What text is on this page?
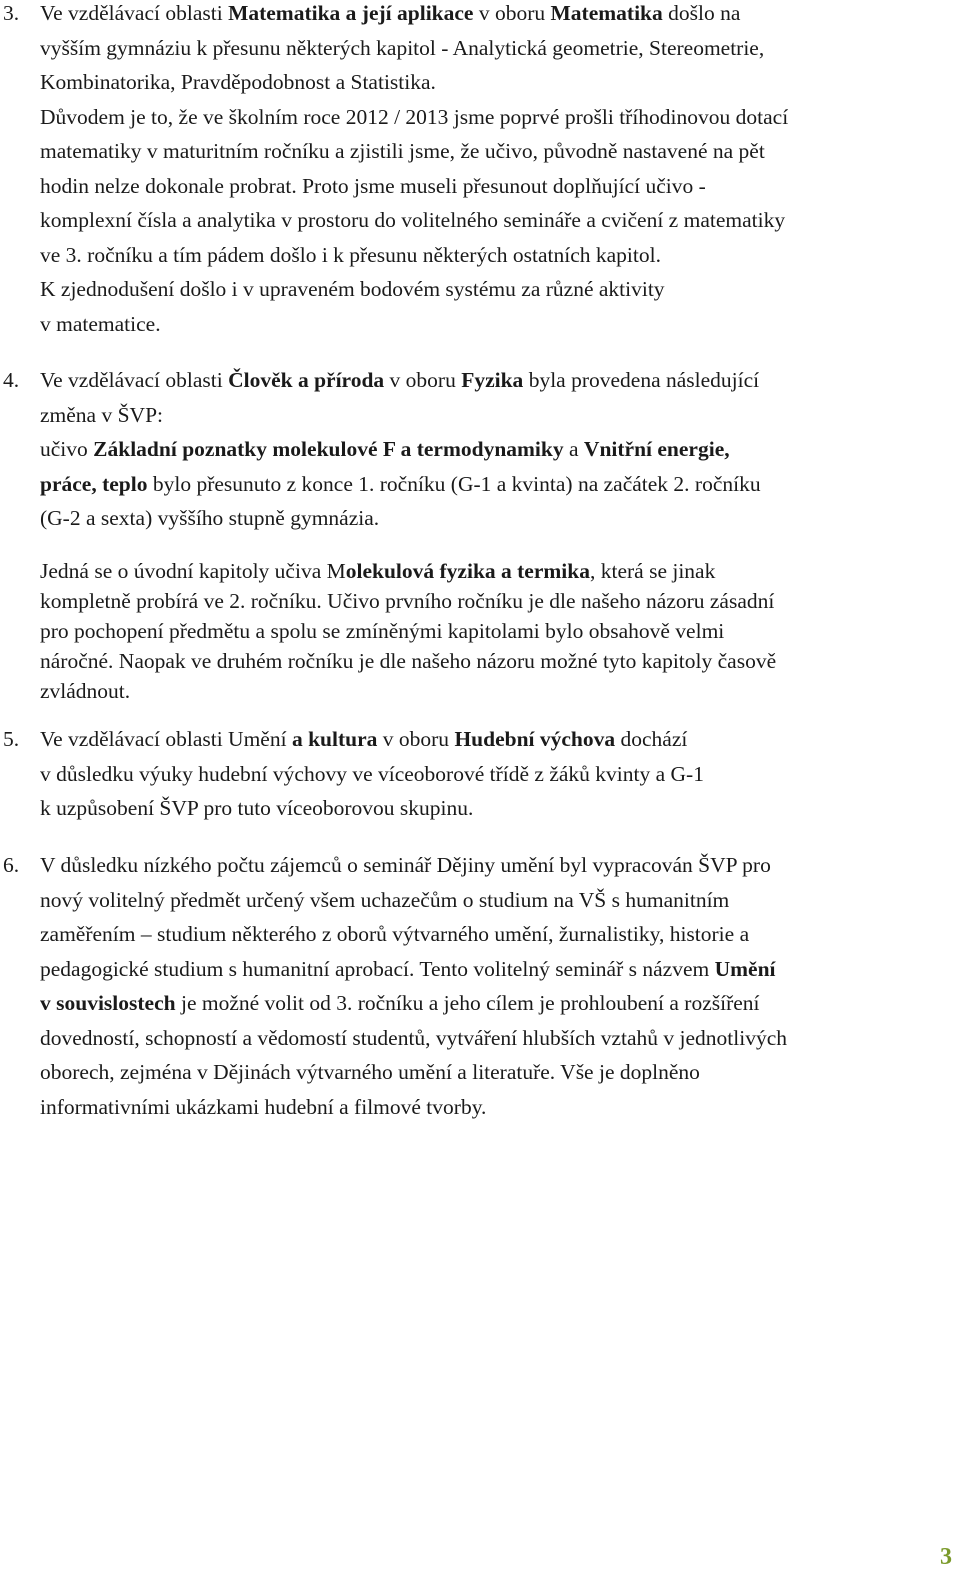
3. Ve vzdělávací oblasti Matematika a její aplikace v oboru Matematika došlo na
vyšším gymnáziu k přesunu některých kapitol - Analytická geometrie, Stereometrie,
Kombinatorika, Pravděpodobnost a Statistika.
Důvodem je to, že ve školním roce 2012 / 2013 jsme poprvé prošli tříhodinovou dotací
matematiky v maturitním ročníku a zjistili jsme, že učivo, původně nastavené na pět
hodin nelze dokonale probrat. Proto jsme museli přesunout doplňující učivo -
komplexní čísla a analytika v prostoru do volitelného semináře a cvičení z matematiky
ve 3. ročníku a tím pádem došlo i k přesunu některých ostatních kapitol.
K zjednodušení došlo i v upraveném bodovém systému za různé aktivity
v matematice.

4. Ve vzdělávací oblasti Člověk a příroda v oboru Fyzika byla provedena následující
změna v ŠVP:
učivo Základní poznatky molekulové F a termodynamiky a Vnitřní energie,
práce, teplo bylo přesunuto z konce 1. ročníku (G-1 a kvinta) na začátek 2. ročníku
(G-2 a sexta) vyššího stupně gymnázia.

Jedná se o úvodní kapitoly učiva Molekulová fyzika a termika, která se jinak
kompletně probírá ve 2. ročníku. Učivo prvního ročníku je dle našeho názoru zásadní
pro pochopení předmětu a spolu se zmíněnými kapitolami bylo obsahově velmi
náročné. Naopak ve druhém ročníku je dle našeho názoru možné tyto kapitoly časově
zvládnout.

5. Ve vzdělávací oblasti Umění a kultura v oboru Hudební výchova dochází
v důsledku výuky hudební výchovy ve víceoborové třídě z žáků kvinty a G-1
k uzpůsobení ŠVP pro tuto víceoborovou skupinu.

6. V důsledku nízkého počtu zájemců o seminář Dějiny umění byl vypracován ŠVP pro
nový volitelný předmět určený všem uchazečům o studium na VŠ s humanitním
zaměřením – studium některého z oborů výtvarného umění, žurnalistiky, historie a
pedagogické studium s humanitní aprobací. Tento volitelný seminář s názvem Umění
v souvislostech je možné volit od 3. ročníku a jeho cílem je prohloubení a rozšíření
dovedností, schopností a vědomostí studentů, vytváření hlubších vztahů v jednotlivých
oborech, zejména v Dějinách výtvarného umění a literatuře. Vše je doplněno
informativními ukázkami hudební a filmové tvorby.

3
